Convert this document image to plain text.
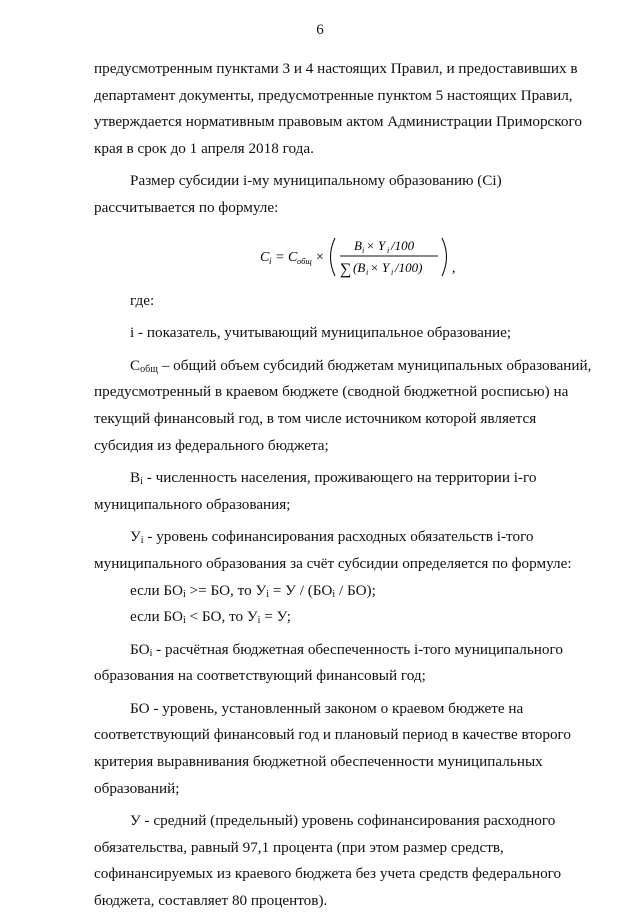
6

предусмотренным пунктами 3 и 4 настоящих Правил, и предоставивших в

департамент документы, предусмотренные пунктом 5 настоящих Правил,

утверждается нормативным правовым актом Администрации Приморского

края в срок до 1 апреля 2018 года.

Размер субсидии i-му муниципальному образованию (Ci)

рассчитывается по формуле:

C i = C общ ×
B i × Y i /100
∑ (B i × Y i /100) ,

где:

i - показатель, учитывающий муниципальное образование;

$С_{общ}$ – общий объем субсидий бюджетам муниципальных образований,

предусмотренный в краевом бюджете (сводной бюджетной росписью) на

текущий финансовый год, в том числе источником которой является

субсидия из федерального бюджета;

$В_i$ - численность населения, проживающего на территории i-го

муниципального образования;

$У_i$ - уровень софинансирования расходных обязательств i-того

муниципального образования за счёт субсидии определяется по формуле:

если $БО_i$ >= БО, то $У_i = У / (БО_i / БО)$;

если $БО_i$ < БО, то $У_i = У$;

$БО_i$ - расчётная бюджетная обеспеченность i-того муниципального

образования на соответствующий финансовый год;

БО - уровень, установленный законом о краевом бюджете на

соответствующий финансовый год и плановый период в качестве второго

критерия выравнивания бюджетной обеспеченности муниципальных

образований;

У - средний (предельный) уровень софинансирования расходного

обязательства, равный 97,1 процента (при этом размер средств,

софинансируемых из краевого бюджета без учета средств федерального

бюджета, составляет 80 процентов).
